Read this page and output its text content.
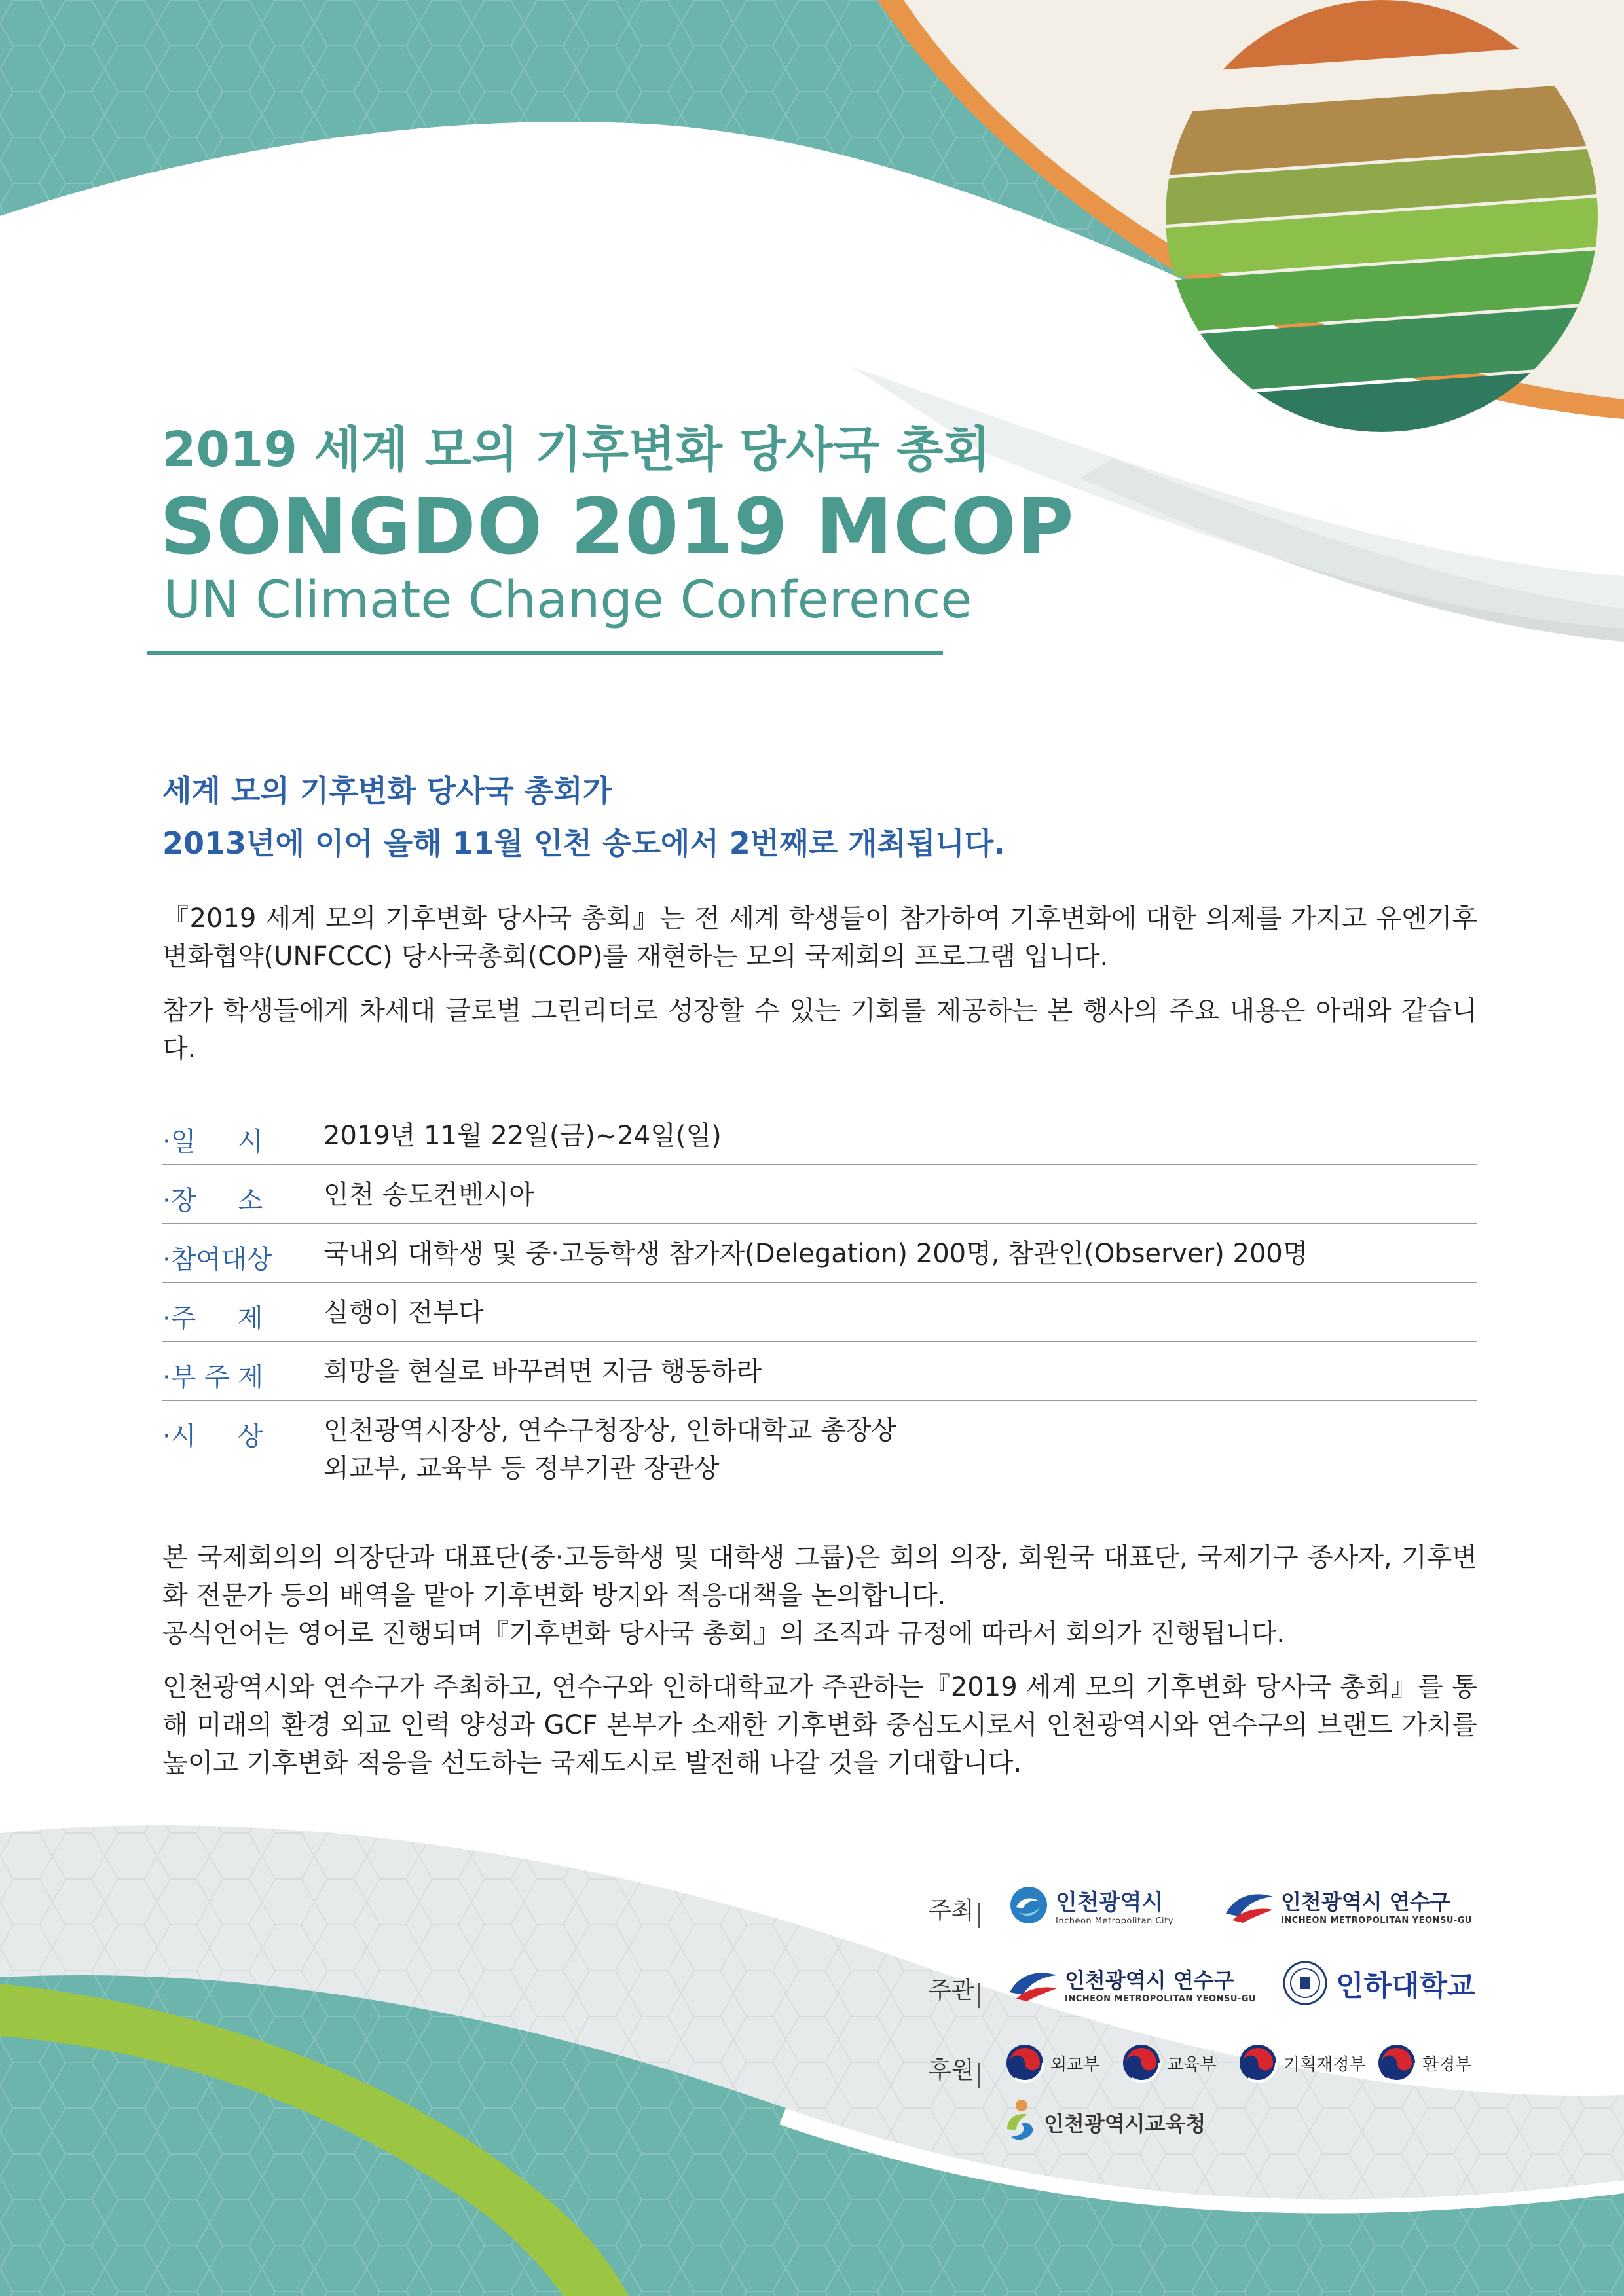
2019 세계 모의 기후변화 당사국 총회
SONGDO 2019 MCOP
UN Climate Change Conference
세계 모의 기후변화 당사국 총회가
2013년에 이어 올해 11월 인천 송도에서 2번째로 개최됩니다.
『2019 세계 모의 기후변화 당사국 총회』는 전 세계 학생들이 참가하여 기후변화에 대한 의제를 가지고 유엔기후변화협약(UNFCCC) 당사국총회(COP)를 재현하는 모의 국제회의 프로그램 입니다.
참가 학생들에게 차세대 글로벌 그린리더로 성장할 수 있는 기회를 제공하는 본 행사의 주요 내용은 아래와 같습니다.
·일     시	2019년 11월 22일(금)~24일(일)
·장     소	인천 송도컨벤시아
·참여대상	국내외 대학생 및 중·고등학생 참가자(Delegation) 200명, 참관인(Observer) 200명
·주     제	실행이 전부다
·부 주 제	희망을 현실로 바꾸려면 지금 행동하라
·시     상	인천광역시장상, 연수구청장상, 인하대학교 총장상
외교부, 교육부 등 정부기관 장관상
본 국제회의의 의장단과 대표단(중·고등학생 및 대학생 그룹)은 회의 의장, 회원국 대표단, 국제기구 종사자, 기후변화 전문가 등의 배역을 맡아 기후변화 방지와 적응대책을 논의합니다.
공식언어는 영어로 진행되며『기후변화 당사국 총회』의 조직과 규정에 따라서 회의가 진행됩니다.
인천광역시와 연수구가 주최하고, 연수구와 인하대학교가 주관하는『2019 세계 모의 기후변화 당사국 총회』를 통해 미래의 환경 외교 인력 양성과 GCF 본부가 소재한 기후변화 중심도시로서 인천광역시와 연수구의 브랜드 가치를 높이고 기후변화 적응을 선도하는 국제도시로 발전해 나갈 것을 기대합니다.
주최	인천광역시
Incheon Metropolitan City
인천광역시 연수구
INCHEON METROPOLITAN YEONSU-GU
주관	인천광역시 연수구
INCHEON METROPOLITAN YEONSU-GU	인하대학교
후원	외교부	교육부	기획재정부	환경부
인천광역시교육청
